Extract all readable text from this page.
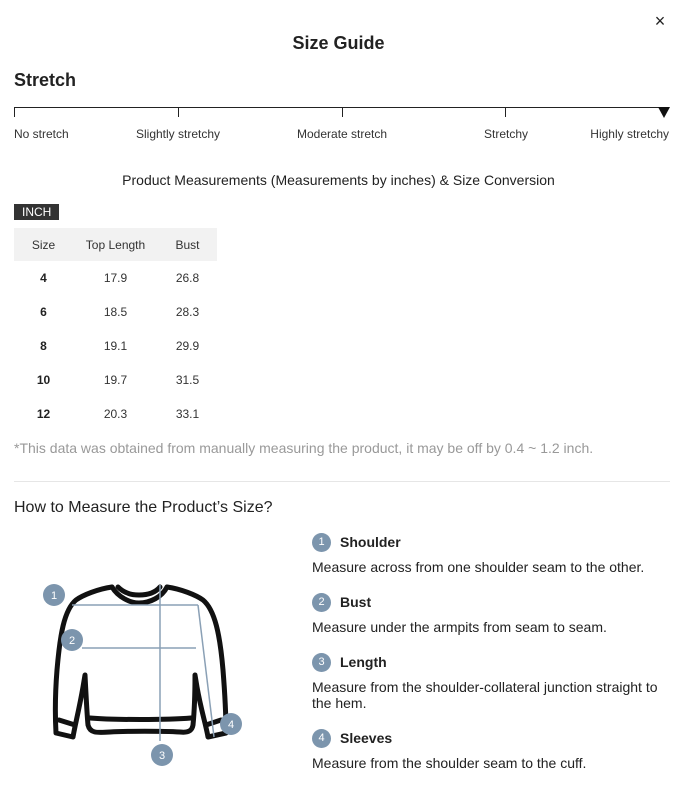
×
Size Guide
Stretch
No stretch	Slightly stretchy	Moderate stretch	Stretchy	Highly stretchy
Product Measurements (Measurements by inches) & Size Conversion
INCH
Size	Top Length	Bust
4	17.9	26.8
6	18.5	28.3
8	19.1	29.9
10	19.7	31.5
12	20.3	33.1
*This data was obtained from manually measuring the product, it may be off by 0.4 ~ 1.2 inch.
How to Measure the Product’s Size?
1
2
3
4
1	Shoulder
Measure across from one shoulder seam to the other.
2	Bust
Measure under the armpits from seam to seam.
3	Length
Measure from the shoulder-collateral junction straight to the hem.
4	Sleeves
Measure from the shoulder seam to the cuff.
